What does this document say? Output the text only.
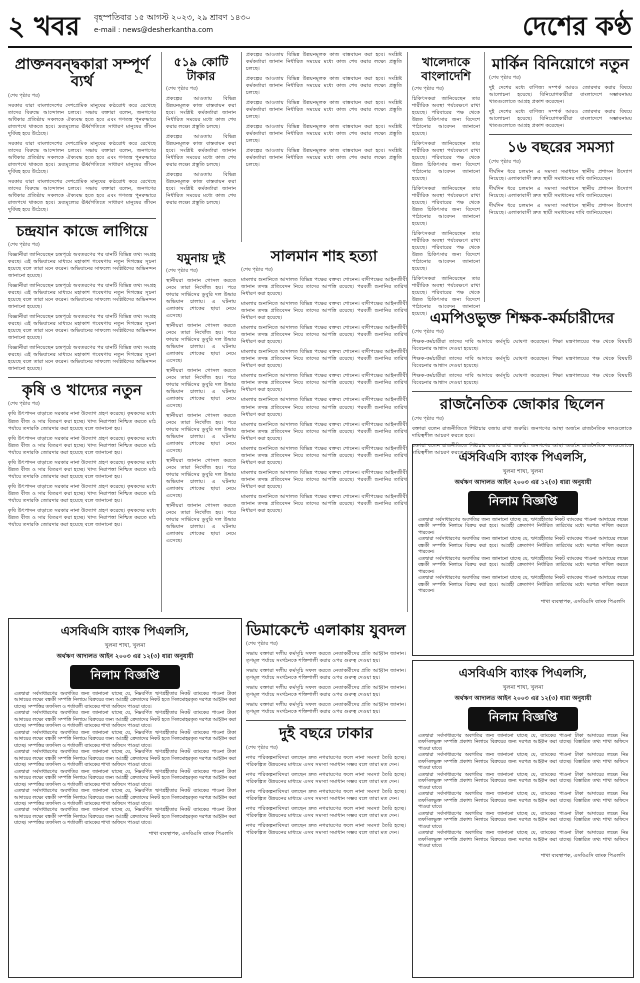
২ খবর বৃহস্পতিবার ১৫ আগস্ট ২০২৩, ২৯ শ্রাবণ ১৪৩০
e-mail : news@desherkantha.com	দেশের কণ্ঠ
প্রাক্তনবন্দ্বকারা সম্পূর্ণ ব্যর্থ
(শেষ পৃষ্ঠার পর)
সরকার যারা বাংলাদেশের দেশপ্রেমিক মানুষের কণ্ঠরোধ করে রেখেছে তাদের বিরুদ্ধে আন্দোলন চলবে। সভায় বক্তারা বলেন, জনগণের অধিকার প্রতিষ্ঠায় সকলকে ঐক্যবদ্ধ হতে হবে এবং গণতন্ত্র পুনরুদ্ধারে রাজপথে থাকতে হবে। দ্রব্যমূল্যের ঊর্ধ্বগতিতে সাধারণ মানুষের জীবন দুর্বিষহ হয়ে উঠেছে।
সরকার যারা বাংলাদেশের দেশপ্রেমিক মানুষের কণ্ঠরোধ করে রেখেছে তাদের বিরুদ্ধে আন্দোলন চলবে। সভায় বক্তারা বলেন, জনগণের অধিকার প্রতিষ্ঠায় সকলকে ঐক্যবদ্ধ হতে হবে এবং গণতন্ত্র পুনরুদ্ধারে রাজপথে থাকতে হবে। দ্রব্যমূল্যের ঊর্ধ্বগতিতে সাধারণ মানুষের জীবন দুর্বিষহ হয়ে উঠেছে।
সরকার যারা বাংলাদেশের দেশপ্রেমিক মানুষের কণ্ঠরোধ করে রেখেছে তাদের বিরুদ্ধে আন্দোলন চলবে। সভায় বক্তারা বলেন, জনগণের অধিকার প্রতিষ্ঠায় সকলকে ঐক্যবদ্ধ হতে হবে এবং গণতন্ত্র পুনরুদ্ধারে রাজপথে থাকতে হবে। দ্রব্যমূল্যের ঊর্ধ্বগতিতে সাধারণ মানুষের জীবন দুর্বিষহ হয়ে উঠেছে।
চন্দ্রযান কাজে লাগিয়ে
(শেষ পৃষ্ঠার পর)
বিজ্ঞানীরা জানিয়েছেন চন্দ্রপৃষ্ঠে অবতরণের পর যানটি বিভিন্ন তথ্য সংগ্রহ করছে। এই অভিযানের মাধ্যমে মহাকাশ গবেষণায় নতুন দিগন্তের সূচনা হয়েছে বলে তারা মনে করেন। অভিযানের সাফল্যে সংশ্লিষ্টদের অভিনন্দন জানানো হয়েছে।
বিজ্ঞানীরা জানিয়েছেন চন্দ্রপৃষ্ঠে অবতরণের পর যানটি বিভিন্ন তথ্য সংগ্রহ করছে। এই অভিযানের মাধ্যমে মহাকাশ গবেষণায় নতুন দিগন্তের সূচনা হয়েছে বলে তারা মনে করেন। অভিযানের সাফল্যে সংশ্লিষ্টদের অভিনন্দন জানানো হয়েছে।
বিজ্ঞানীরা জানিয়েছেন চন্দ্রপৃষ্ঠে অবতরণের পর যানটি বিভিন্ন তথ্য সংগ্রহ করছে। এই অভিযানের মাধ্যমে মহাকাশ গবেষণায় নতুন দিগন্তের সূচনা হয়েছে বলে তারা মনে করেন। অভিযানের সাফল্যে সংশ্লিষ্টদের অভিনন্দন জানানো হয়েছে।
বিজ্ঞানীরা জানিয়েছেন চন্দ্রপৃষ্ঠে অবতরণের পর যানটি বিভিন্ন তথ্য সংগ্রহ করছে। এই অভিযানের মাধ্যমে মহাকাশ গবেষণায় নতুন দিগন্তের সূচনা হয়েছে বলে তারা মনে করেন। অভিযানের সাফল্যে সংশ্লিষ্টদের অভিনন্দন জানানো হয়েছে।
কৃষি ও খাদ্যের নতুন
(শেষ পৃষ্ঠার পর)
কৃষি উৎপাদন বাড়াতে সরকার নানা উদ্যোগ গ্রহণ করেছে। কৃষকদের মধ্যে উন্নত বীজ ও সার বিতরণ করা হচ্ছে। খাদ্য নিরাপত্তা নিশ্চিত করতে মাঠ পর্যায়ে তদারকি জোরদার করা হয়েছে বলে জানানো হয়।
কৃষি উৎপাদন বাড়াতে সরকার নানা উদ্যোগ গ্রহণ করেছে। কৃষকদের মধ্যে উন্নত বীজ ও সার বিতরণ করা হচ্ছে। খাদ্য নিরাপত্তা নিশ্চিত করতে মাঠ পর্যায়ে তদারকি জোরদার করা হয়েছে বলে জানানো হয়।
কৃষি উৎপাদন বাড়াতে সরকার নানা উদ্যোগ গ্রহণ করেছে। কৃষকদের মধ্যে উন্নত বীজ ও সার বিতরণ করা হচ্ছে। খাদ্য নিরাপত্তা নিশ্চিত করতে মাঠ পর্যায়ে তদারকি জোরদার করা হয়েছে বলে জানানো হয়।
কৃষি উৎপাদন বাড়াতে সরকার নানা উদ্যোগ গ্রহণ করেছে। কৃষকদের মধ্যে উন্নত বীজ ও সার বিতরণ করা হচ্ছে। খাদ্য নিরাপত্তা নিশ্চিত করতে মাঠ পর্যায়ে তদারকি জোরদার করা হয়েছে বলে জানানো হয়।
কৃষি উৎপাদন বাড়াতে সরকার নানা উদ্যোগ গ্রহণ করেছে। কৃষকদের মধ্যে উন্নত বীজ ও সার বিতরণ করা হচ্ছে। খাদ্য নিরাপত্তা নিশ্চিত করতে মাঠ পর্যায়ে তদারকি জোরদার করা হয়েছে বলে জানানো হয়।
৫১৯ কোটি টাকার
(শেষ পৃষ্ঠার পর)
প্রকল্পের আওতায় বিভিন্ন উন্নয়নমূলক কাজ বাস্তবায়ন করা হবে। সংশ্লিষ্ট কর্মকর্তারা জানান নির্ধারিত সময়ের মধ্যে কাজ শেষ করার লক্ষ্যে প্রস্তুতি চলছে।
প্রকল্পের আওতায় বিভিন্ন উন্নয়নমূলক কাজ বাস্তবায়ন করা হবে। সংশ্লিষ্ট কর্মকর্তারা জানান নির্ধারিত সময়ের মধ্যে কাজ শেষ করার লক্ষ্যে প্রস্তুতি চলছে।
প্রকল্পের আওতায় বিভিন্ন উন্নয়নমূলক কাজ বাস্তবায়ন করা হবে। সংশ্লিষ্ট কর্মকর্তারা জানান নির্ধারিত সময়ের মধ্যে কাজ শেষ করার লক্ষ্যে প্রস্তুতি চলছে।
যমুনায় দুই
(শেষ পৃষ্ঠার পর)
স্থানীয়রা জানান গোসল করতে নেমে তারা নিখোঁজ হয়। পরে ফায়ার সার্ভিসের ডুবুরি দল উদ্ধার অভিযান চালায়। এ ঘটনায় এলাকায় শোকের ছায়া নেমে এসেছে।
স্থানীয়রা জানান গোসল করতে নেমে তারা নিখোঁজ হয়। পরে ফায়ার সার্ভিসের ডুবুরি দল উদ্ধার অভিযান চালায়। এ ঘটনায় এলাকায় শোকের ছায়া নেমে এসেছে।
স্থানীয়রা জানান গোসল করতে নেমে তারা নিখোঁজ হয়। পরে ফায়ার সার্ভিসের ডুবুরি দল উদ্ধার অভিযান চালায়। এ ঘটনায় এলাকায় শোকের ছায়া নেমে এসেছে।
স্থানীয়রা জানান গোসল করতে নেমে তারা নিখোঁজ হয়। পরে ফায়ার সার্ভিসের ডুবুরি দল উদ্ধার অভিযান চালায়। এ ঘটনায় এলাকায় শোকের ছায়া নেমে এসেছে।
স্থানীয়রা জানান গোসল করতে নেমে তারা নিখোঁজ হয়। পরে ফায়ার সার্ভিসের ডুবুরি দল উদ্ধার অভিযান চালায়। এ ঘটনায় এলাকায় শোকের ছায়া নেমে এসেছে।
স্থানীয়রা জানান গোসল করতে নেমে তারা নিখোঁজ হয়। পরে ফায়ার সার্ভিসের ডুবুরি দল উদ্ধার অভিযান চালায়। এ ঘটনায় এলাকায় শোকের ছায়া নেমে এসেছে।
প্রকল্পের আওতায় বিভিন্ন উন্নয়নমূলক কাজ বাস্তবায়ন করা হবে। সংশ্লিষ্ট কর্মকর্তারা জানান নির্ধারিত সময়ের মধ্যে কাজ শেষ করার লক্ষ্যে প্রস্তুতি চলছে।
প্রকল্পের আওতায় বিভিন্ন উন্নয়নমূলক কাজ বাস্তবায়ন করা হবে। সংশ্লিষ্ট কর্মকর্তারা জানান নির্ধারিত সময়ের মধ্যে কাজ শেষ করার লক্ষ্যে প্রস্তুতি চলছে।
প্রকল্পের আওতায় বিভিন্ন উন্নয়নমূলক কাজ বাস্তবায়ন করা হবে। সংশ্লিষ্ট কর্মকর্তারা জানান নির্ধারিত সময়ের মধ্যে কাজ শেষ করার লক্ষ্যে প্রস্তুতি চলছে।
প্রকল্পের আওতায় বিভিন্ন উন্নয়নমূলক কাজ বাস্তবায়ন করা হবে। সংশ্লিষ্ট কর্মকর্তারা জানান নির্ধারিত সময়ের মধ্যে কাজ শেষ করার লক্ষ্যে প্রস্তুতি চলছে।
প্রকল্পের আওতায় বিভিন্ন উন্নয়নমূলক কাজ বাস্তবায়ন করা হবে। সংশ্লিষ্ট কর্মকর্তারা জানান নির্ধারিত সময়ের মধ্যে কাজ শেষ করার লক্ষ্যে প্রস্তুতি চলছে।
সালমান শাহ হত্যা
(শেষ পৃষ্ঠার পর)
মামলার শুনানিতে আদালত বিভিন্ন পক্ষের বক্তব্য শোনেন। বাদীপক্ষের আইনজীবী জানান তদন্ত প্রতিবেদন নিয়ে তাদের আপত্তি রয়েছে। পরবর্তী শুনানির তারিখ নির্ধারণ করা হয়েছে।
মামলার শুনানিতে আদালত বিভিন্ন পক্ষের বক্তব্য শোনেন। বাদীপক্ষের আইনজীবী জানান তদন্ত প্রতিবেদন নিয়ে তাদের আপত্তি রয়েছে। পরবর্তী শুনানির তারিখ নির্ধারণ করা হয়েছে।
মামলার শুনানিতে আদালত বিভিন্ন পক্ষের বক্তব্য শোনেন। বাদীপক্ষের আইনজীবী জানান তদন্ত প্রতিবেদন নিয়ে তাদের আপত্তি রয়েছে। পরবর্তী শুনানির তারিখ নির্ধারণ করা হয়েছে।
মামলার শুনানিতে আদালত বিভিন্ন পক্ষের বক্তব্য শোনেন। বাদীপক্ষের আইনজীবী জানান তদন্ত প্রতিবেদন নিয়ে তাদের আপত্তি রয়েছে। পরবর্তী শুনানির তারিখ নির্ধারণ করা হয়েছে।
মামলার শুনানিতে আদালত বিভিন্ন পক্ষের বক্তব্য শোনেন। বাদীপক্ষের আইনজীবী জানান তদন্ত প্রতিবেদন নিয়ে তাদের আপত্তি রয়েছে। পরবর্তী শুনানির তারিখ নির্ধারণ করা হয়েছে।
মামলার শুনানিতে আদালত বিভিন্ন পক্ষের বক্তব্য শোনেন। বাদীপক্ষের আইনজীবী জানান তদন্ত প্রতিবেদন নিয়ে তাদের আপত্তি রয়েছে। পরবর্তী শুনানির তারিখ নির্ধারণ করা হয়েছে।
মামলার শুনানিতে আদালত বিভিন্ন পক্ষের বক্তব্য শোনেন। বাদীপক্ষের আইনজীবী জানান তদন্ত প্রতিবেদন নিয়ে তাদের আপত্তি রয়েছে। পরবর্তী শুনানির তারিখ নির্ধারণ করা হয়েছে।
মামলার শুনানিতে আদালত বিভিন্ন পক্ষের বক্তব্য শোনেন। বাদীপক্ষের আইনজীবী জানান তদন্ত প্রতিবেদন নিয়ে তাদের আপত্তি রয়েছে। পরবর্তী শুনানির তারিখ নির্ধারণ করা হয়েছে।
মামলার শুনানিতে আদালত বিভিন্ন পক্ষের বক্তব্য শোনেন। বাদীপক্ষের আইনজীবী জানান তদন্ত প্রতিবেদন নিয়ে তাদের আপত্তি রয়েছে। পরবর্তী শুনানির তারিখ নির্ধারণ করা হয়েছে।
মামলার শুনানিতে আদালত বিভিন্ন পক্ষের বক্তব্য শোনেন। বাদীপক্ষের আইনজীবী জানান তদন্ত প্রতিবেদন নিয়ে তাদের আপত্তি রয়েছে। পরবর্তী শুনানির তারিখ নির্ধারণ করা হয়েছে।
খালেদাকে বাংলাদেশি
(শেষ পৃষ্ঠার পর)
চিকিৎসকরা জানিয়েছেন তার শারীরিক অবস্থা পর্যবেক্ষণে রাখা হয়েছে। পরিবারের পক্ষ থেকে উন্নত চিকিৎসার জন্য বিদেশে পাঠানোর আবেদন জানানো হয়েছে।
চিকিৎসকরা জানিয়েছেন তার শারীরিক অবস্থা পর্যবেক্ষণে রাখা হয়েছে। পরিবারের পক্ষ থেকে উন্নত চিকিৎসার জন্য বিদেশে পাঠানোর আবেদন জানানো হয়েছে।
চিকিৎসকরা জানিয়েছেন তার শারীরিক অবস্থা পর্যবেক্ষণে রাখা হয়েছে। পরিবারের পক্ষ থেকে উন্নত চিকিৎসার জন্য বিদেশে পাঠানোর আবেদন জানানো হয়েছে।
চিকিৎসকরা জানিয়েছেন তার শারীরিক অবস্থা পর্যবেক্ষণে রাখা হয়েছে। পরিবারের পক্ষ থেকে উন্নত চিকিৎসার জন্য বিদেশে পাঠানোর আবেদন জানানো হয়েছে।
চিকিৎসকরা জানিয়েছেন তার শারীরিক অবস্থা পর্যবেক্ষণে রাখা হয়েছে। পরিবারের পক্ষ থেকে উন্নত চিকিৎসার জন্য বিদেশে পাঠানোর আবেদন জানানো হয়েছে।
মার্কিন বিনিয়োগে নতুন
(শেষ পৃষ্ঠার পর)
দুই দেশের মধ্যে বাণিজ্য সম্পর্ক আরও জোরদার করার বিষয়ে আলোচনা হয়েছে। বিনিয়োগকারীরা বাংলাদেশে সম্ভাবনাময় খাতগুলোতে আগ্রহ প্রকাশ করেছেন।
দুই দেশের মধ্যে বাণিজ্য সম্পর্ক আরও জোরদার করার বিষয়ে আলোচনা হয়েছে। বিনিয়োগকারীরা বাংলাদেশে সম্ভাবনাময় খাতগুলোতে আগ্রহ প্রকাশ করেছেন।
১৬ বছরের সমস্যা
(শেষ পৃষ্ঠার পর)
দীর্ঘদিন ধরে চলমান এ সমস্যা সমাধানে স্থানীয় প্রশাসন উদ্যোগ নিয়েছে। এলাকাবাসী দ্রুত স্থায়ী সমাধানের দাবি জানিয়েছেন।
দীর্ঘদিন ধরে চলমান এ সমস্যা সমাধানে স্থানীয় প্রশাসন উদ্যোগ নিয়েছে। এলাকাবাসী দ্রুত স্থায়ী সমাধানের দাবি জানিয়েছেন।
দীর্ঘদিন ধরে চলমান এ সমস্যা সমাধানে স্থানীয় প্রশাসন উদ্যোগ নিয়েছে। এলাকাবাসী দ্রুত স্থায়ী সমাধানের দাবি জানিয়েছেন।
এমপিওভুক্ত শিক্ষক-কর্মচারীদের
(শেষ পৃষ্ঠার পর)
শিক্ষক-কর্মচারীরা তাদের দাবি আদায়ে কর্মসূচি ঘোষণা করেছেন। শিক্ষা মন্ত্রণালয়ের পক্ষ থেকে বিষয়টি বিবেচনার আশ্বাস দেওয়া হয়েছে।
শিক্ষক-কর্মচারীরা তাদের দাবি আদায়ে কর্মসূচি ঘোষণা করেছেন। শিক্ষা মন্ত্রণালয়ের পক্ষ থেকে বিষয়টি বিবেচনার আশ্বাস দেওয়া হয়েছে।
শিক্ষক-কর্মচারীরা তাদের দাবি আদায়ে কর্মসূচি ঘোষণা করেছেন। শিক্ষা মন্ত্রণালয়ের পক্ষ থেকে বিষয়টি বিবেচনার আশ্বাস দেওয়া হয়েছে।
রাজনৈতিক জোকার ছিলেন
(শেষ পৃষ্ঠার পর)
বক্তারা বলেন রাজনীতিতে শিষ্টাচার বজায় রাখা জরুরি। জনগণের আস্থা অর্জনে রাজনৈতিক দলগুলোকে দায়িত্বশীল আচরণ করতে হবে।
বক্তারা বলেন রাজনীতিতে শিষ্টাচার বজায় রাখা জরুরি। জনগণের আস্থা অর্জনে রাজনৈতিক দলগুলোকে দায়িত্বশীল আচরণ করতে হবে।
এসবিএসি ব্যাংক পিএলসি,
খুলনা শাখা, খুলনা
অর্থঋণ আদালত আইন ২০০৩ এর ১২(৩) ধারা অনুযায়ী
নিলাম বিজ্ঞপ্তি
এতদ্বারা সর্বসাধারণের অবগতির জন্য জানানো যাচ্ছে যে, ঋণগ্রহীতার নিকট ব্যাংকের পাওনা আদায়ের লক্ষ্যে বন্ধকী সম্পত্তি নিলামে বিক্রয় করা হবে। আগ্রহী ক্রেতাগণ নির্ধারিত তারিখের মধ্যে দরপত্র দাখিল করতে পারবেন।
এতদ্বারা সর্বসাধারণের অবগতির জন্য জানানো যাচ্ছে যে, ঋণগ্রহীতার নিকট ব্যাংকের পাওনা আদায়ের লক্ষ্যে বন্ধকী সম্পত্তি নিলামে বিক্রয় করা হবে। আগ্রহী ক্রেতাগণ নির্ধারিত তারিখের মধ্যে দরপত্র দাখিল করতে পারবেন।
এতদ্বারা সর্বসাধারণের অবগতির জন্য জানানো যাচ্ছে যে, ঋণগ্রহীতার নিকট ব্যাংকের পাওনা আদায়ের লক্ষ্যে বন্ধকী সম্পত্তি নিলামে বিক্রয় করা হবে। আগ্রহী ক্রেতাগণ নির্ধারিত তারিখের মধ্যে দরপত্র দাখিল করতে পারবেন।
এতদ্বারা সর্বসাধারণের অবগতির জন্য জানানো যাচ্ছে যে, ঋণগ্রহীতার নিকট ব্যাংকের পাওনা আদায়ের লক্ষ্যে বন্ধকী সম্পত্তি নিলামে বিক্রয় করা হবে। আগ্রহী ক্রেতাগণ নির্ধারিত তারিখের মধ্যে দরপত্র দাখিল করতে পারবেন।
শাখা ব্যবস্থাপক, এসবিএসি ব্যাংক পিএলসি
এসবিএসি ব্যাংক পিএলসি,
খুলনা শাখা, খুলনা
অর্থঋণ আদালত আইন ২০০৩ এর ১২(৩) ধারা অনুযায়ী
নিলাম বিজ্ঞপ্তি
এতদ্বারা সর্বসাধারণের অবগতির জন্য জানানো যাচ্ছে যে, নিম্নবর্ণিত ঋণগ্রহীতার নিকট ব্যাংকের পাওনা টাকা আদায়ের লক্ষ্যে বন্ধকী সম্পত্তি নিলামে বিক্রয়ের জন্য আগ্রহী ক্রেতাদের নিকট হতে সিলমোহরকৃত দরপত্র আহ্বান করা যাচ্ছে। সম্পত্তির তফসিল ও শর্তাবলী ব্যাংকের শাখা অফিসে পাওয়া যাবে।
এতদ্বারা সর্বসাধারণের অবগতির জন্য জানানো যাচ্ছে যে, নিম্নবর্ণিত ঋণগ্রহীতার নিকট ব্যাংকের পাওনা টাকা আদায়ের লক্ষ্যে বন্ধকী সম্পত্তি নিলামে বিক্রয়ের জন্য আগ্রহী ক্রেতাদের নিকট হতে সিলমোহরকৃত দরপত্র আহ্বান করা যাচ্ছে। সম্পত্তির তফসিল ও শর্তাবলী ব্যাংকের শাখা অফিসে পাওয়া যাবে।
এতদ্বারা সর্বসাধারণের অবগতির জন্য জানানো যাচ্ছে যে, নিম্নবর্ণিত ঋণগ্রহীতার নিকট ব্যাংকের পাওনা টাকা আদায়ের লক্ষ্যে বন্ধকী সম্পত্তি নিলামে বিক্রয়ের জন্য আগ্রহী ক্রেতাদের নিকট হতে সিলমোহরকৃত দরপত্র আহ্বান করা যাচ্ছে। সম্পত্তির তফসিল ও শর্তাবলী ব্যাংকের শাখা অফিসে পাওয়া যাবে।
এতদ্বারা সর্বসাধারণের অবগতির জন্য জানানো যাচ্ছে যে, নিম্নবর্ণিত ঋণগ্রহীতার নিকট ব্যাংকের পাওনা টাকা আদায়ের লক্ষ্যে বন্ধকী সম্পত্তি নিলামে বিক্রয়ের জন্য আগ্রহী ক্রেতাদের নিকট হতে সিলমোহরকৃত দরপত্র আহ্বান করা যাচ্ছে। সম্পত্তির তফসিল ও শর্তাবলী ব্যাংকের শাখা অফিসে পাওয়া যাবে।
এতদ্বারা সর্বসাধারণের অবগতির জন্য জানানো যাচ্ছে যে, নিম্নবর্ণিত ঋণগ্রহীতার নিকট ব্যাংকের পাওনা টাকা আদায়ের লক্ষ্যে বন্ধকী সম্পত্তি নিলামে বিক্রয়ের জন্য আগ্রহী ক্রেতাদের নিকট হতে সিলমোহরকৃত দরপত্র আহ্বান করা যাচ্ছে। সম্পত্তির তফসিল ও শর্তাবলী ব্যাংকের শাখা অফিসে পাওয়া যাবে।
এতদ্বারা সর্বসাধারণের অবগতির জন্য জানানো যাচ্ছে যে, নিম্নবর্ণিত ঋণগ্রহীতার নিকট ব্যাংকের পাওনা টাকা আদায়ের লক্ষ্যে বন্ধকী সম্পত্তি নিলামে বিক্রয়ের জন্য আগ্রহী ক্রেতাদের নিকট হতে সিলমোহরকৃত দরপত্র আহ্বান করা যাচ্ছে। সম্পত্তির তফসিল ও শর্তাবলী ব্যাংকের শাখা অফিসে পাওয়া যাবে।
এতদ্বারা সর্বসাধারণের অবগতির জন্য জানানো যাচ্ছে যে, নিম্নবর্ণিত ঋণগ্রহীতার নিকট ব্যাংকের পাওনা টাকা আদায়ের লক্ষ্যে বন্ধকী সম্পত্তি নিলামে বিক্রয়ের জন্য আগ্রহী ক্রেতাদের নিকট হতে সিলমোহরকৃত দরপত্র আহ্বান করা যাচ্ছে। সম্পত্তির তফসিল ও শর্তাবলী ব্যাংকের শাখা অফিসে পাওয়া যাবে।
শাখা ব্যবস্থাপক, এসবিএসি ব্যাংক পিএলসি
ডিমাকেন্টে এলাকায় যুবদল
(শেষ পৃষ্ঠার পর)
সভায় বক্তারা দলীয় কর্মসূচি সফল করতে নেতাকর্মীদের প্রতি আহ্বান জানান। তৃণমূল পর্যায়ে সংগঠনকে শক্তিশালী করার ওপর গুরুত্ব দেওয়া হয়।
সভায় বক্তারা দলীয় কর্মসূচি সফল করতে নেতাকর্মীদের প্রতি আহ্বান জানান। তৃণমূল পর্যায়ে সংগঠনকে শক্তিশালী করার ওপর গুরুত্ব দেওয়া হয়।
সভায় বক্তারা দলীয় কর্মসূচি সফল করতে নেতাকর্মীদের প্রতি আহ্বান জানান। তৃণমূল পর্যায়ে সংগঠনকে শক্তিশালী করার ওপর গুরুত্ব দেওয়া হয়।
সভায় বক্তারা দলীয় কর্মসূচি সফল করতে নেতাকর্মীদের প্রতি আহ্বান জানান। তৃণমূল পর্যায়ে সংগঠনকে শক্তিশালী করার ওপর গুরুত্ব দেওয়া হয়।
দুই বছরে ঢাকার
(শেষ পৃষ্ঠার পর)
নগর পরিকল্পনাবিদরা বলছেন দ্রুত নগরায়ণের ফলে নানা সমস্যা তৈরি হচ্ছে। পরিকল্পিত উন্নয়নের মাধ্যমে এসব সমস্যা সমাধান সম্ভব বলে তারা মত দেন।
নগর পরিকল্পনাবিদরা বলছেন দ্রুত নগরায়ণের ফলে নানা সমস্যা তৈরি হচ্ছে। পরিকল্পিত উন্নয়নের মাধ্যমে এসব সমস্যা সমাধান সম্ভব বলে তারা মত দেন।
নগর পরিকল্পনাবিদরা বলছেন দ্রুত নগরায়ণের ফলে নানা সমস্যা তৈরি হচ্ছে। পরিকল্পিত উন্নয়নের মাধ্যমে এসব সমস্যা সমাধান সম্ভব বলে তারা মত দেন।
নগর পরিকল্পনাবিদরা বলছেন দ্রুত নগরায়ণের ফলে নানা সমস্যা তৈরি হচ্ছে। পরিকল্পিত উন্নয়নের মাধ্যমে এসব সমস্যা সমাধান সম্ভব বলে তারা মত দেন।
নগর পরিকল্পনাবিদরা বলছেন দ্রুত নগরায়ণের ফলে নানা সমস্যা তৈরি হচ্ছে। পরিকল্পিত উন্নয়নের মাধ্যমে এসব সমস্যা সমাধান সম্ভব বলে তারা মত দেন।
এসবিএসি ব্যাংক পিএলসি,
খুলনা শাখা, খুলনা
অর্থঋণ আদালত আইন ২০০৩ এর ১২(৩) ধারা অনুযায়ী
নিলাম বিজ্ঞপ্তি
এতদ্বারা সর্বসাধারণের অবগতির জন্য জানানো যাচ্ছে যে, ব্যাংকের পাওনা টাকা আদায়ের লক্ষ্যে নিম্ন তফসিলভুক্ত সম্পত্তি প্রকাশ্য নিলামে বিক্রয়ের জন্য দরপত্র আহ্বান করা যাচ্ছে। বিস্তারিত তথ্য শাখা অফিসে পাওয়া যাবে।
এতদ্বারা সর্বসাধারণের অবগতির জন্য জানানো যাচ্ছে যে, ব্যাংকের পাওনা টাকা আদায়ের লক্ষ্যে নিম্ন তফসিলভুক্ত সম্পত্তি প্রকাশ্য নিলামে বিক্রয়ের জন্য দরপত্র আহ্বান করা যাচ্ছে। বিস্তারিত তথ্য শাখা অফিসে পাওয়া যাবে।
এতদ্বারা সর্বসাধারণের অবগতির জন্য জানানো যাচ্ছে যে, ব্যাংকের পাওনা টাকা আদায়ের লক্ষ্যে নিম্ন তফসিলভুক্ত সম্পত্তি প্রকাশ্য নিলামে বিক্রয়ের জন্য দরপত্র আহ্বান করা যাচ্ছে। বিস্তারিত তথ্য শাখা অফিসে পাওয়া যাবে।
এতদ্বারা সর্বসাধারণের অবগতির জন্য জানানো যাচ্ছে যে, ব্যাংকের পাওনা টাকা আদায়ের লক্ষ্যে নিম্ন তফসিলভুক্ত সম্পত্তি প্রকাশ্য নিলামে বিক্রয়ের জন্য দরপত্র আহ্বান করা যাচ্ছে। বিস্তারিত তথ্য শাখা অফিসে পাওয়া যাবে।
এতদ্বারা সর্বসাধারণের অবগতির জন্য জানানো যাচ্ছে যে, ব্যাংকের পাওনা টাকা আদায়ের লক্ষ্যে নিম্ন তফসিলভুক্ত সম্পত্তি প্রকাশ্য নিলামে বিক্রয়ের জন্য দরপত্র আহ্বান করা যাচ্ছে। বিস্তারিত তথ্য শাখা অফিসে পাওয়া যাবে।
এতদ্বারা সর্বসাধারণের অবগতির জন্য জানানো যাচ্ছে যে, ব্যাংকের পাওনা টাকা আদায়ের লক্ষ্যে নিম্ন তফসিলভুক্ত সম্পত্তি প্রকাশ্য নিলামে বিক্রয়ের জন্য দরপত্র আহ্বান করা যাচ্ছে। বিস্তারিত তথ্য শাখা অফিসে পাওয়া যাবে।
শাখা ব্যবস্থাপক, এসবিএসি ব্যাংক পিএলসি
